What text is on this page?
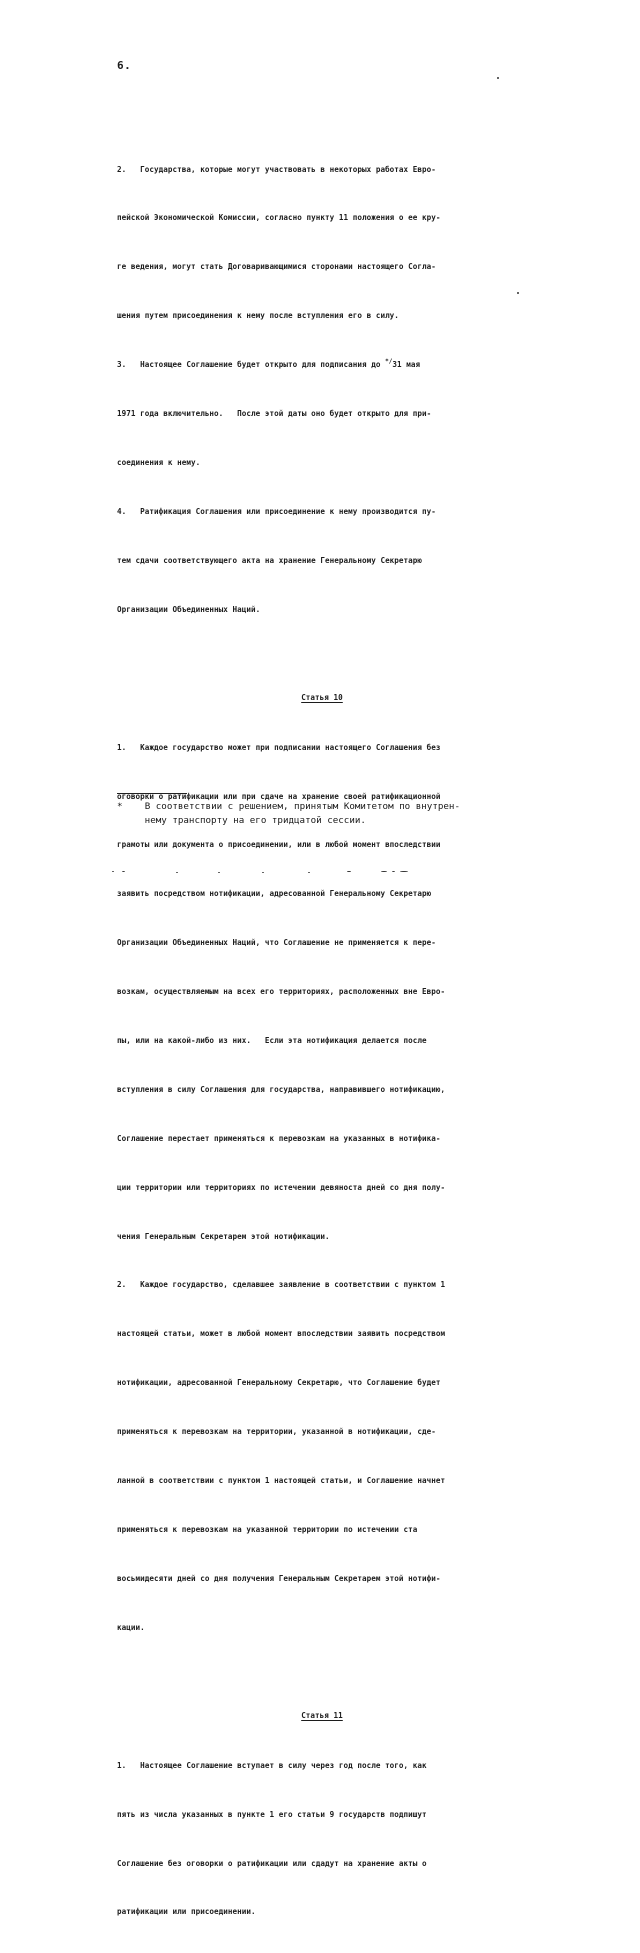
6.

2.   Государства, которые могут участвовать в некоторых работах Евро-

пейской Экономической Комиссии, согласно пункту 11 положения о ее кру-

ге ведения, могут стать Договаривающимися сторонами настоящего Согла-

шения путем присоединения к нему после вступления его в силу.

3.   Настоящее Соглашение будет открыто для подписания до */31 мая

1971 года включительно.   После этой даты оно будет открыто для при-

соединения к нему.

4.   Ратификация Соглашения или присоединение к нему производится пу-

тем сдачи соответствующего акта на хранение Генеральному Секретарю

Организации Объединенных Наций.

Статья 10

1.   Каждое государство может при подписании настоящего Соглашения без

оговорки о ратификации или при сдаче на хранение своей ратификационной

грамоты или документа о присоединении, или в любой момент впоследствии

заявить посредством нотификации, адресованной Генеральному Секретарю

Организации Объединенных Наций, что Соглашение не применяется к пере-

возкам, осуществляемым на всех его территориях, расположенных вне Евро-

пы, или на какой-либо из них.   Если эта нотификация делается после

вступления в силу Соглашения для государства, направившего нотификацию,

Соглашение перестает применяться к перевозкам на указанных в нотифика-

ции территории или территориях по истечении девяноста дней со дня полу-

чения Генеральным Секретарем этой нотификации.

2.   Каждое государство, сделавшее заявление в соответствии с пунктом 1

настоящей статьи, может в любой момент впоследствии заявить посредством

нотификации, адресованной Генеральному Секретарю, что Соглашение будет

применяться к перевозкам на территории, указанной в нотификации, сде-

ланной в соответствии с пунктом 1 настоящей статьи, и Соглашение начнет

применяться к перевозкам на указанной территории по истечении ста

восьмидесяти дней со дня получения Генеральным Секретарем этой нотифи-

кации.

Статья 11

1.   Настоящее Соглашение вступает в силу через год после того, как

пять из числа указанных в пункте 1 его статьи 9 государств подпишут

Соглашение без оговорки о ратификации или сдадут на хранение акты о

ратификации или присоединении.

* В соответствии с решением, принятым Комитетом по внутрен-
нему транспорту на его тридцатой сессии.
